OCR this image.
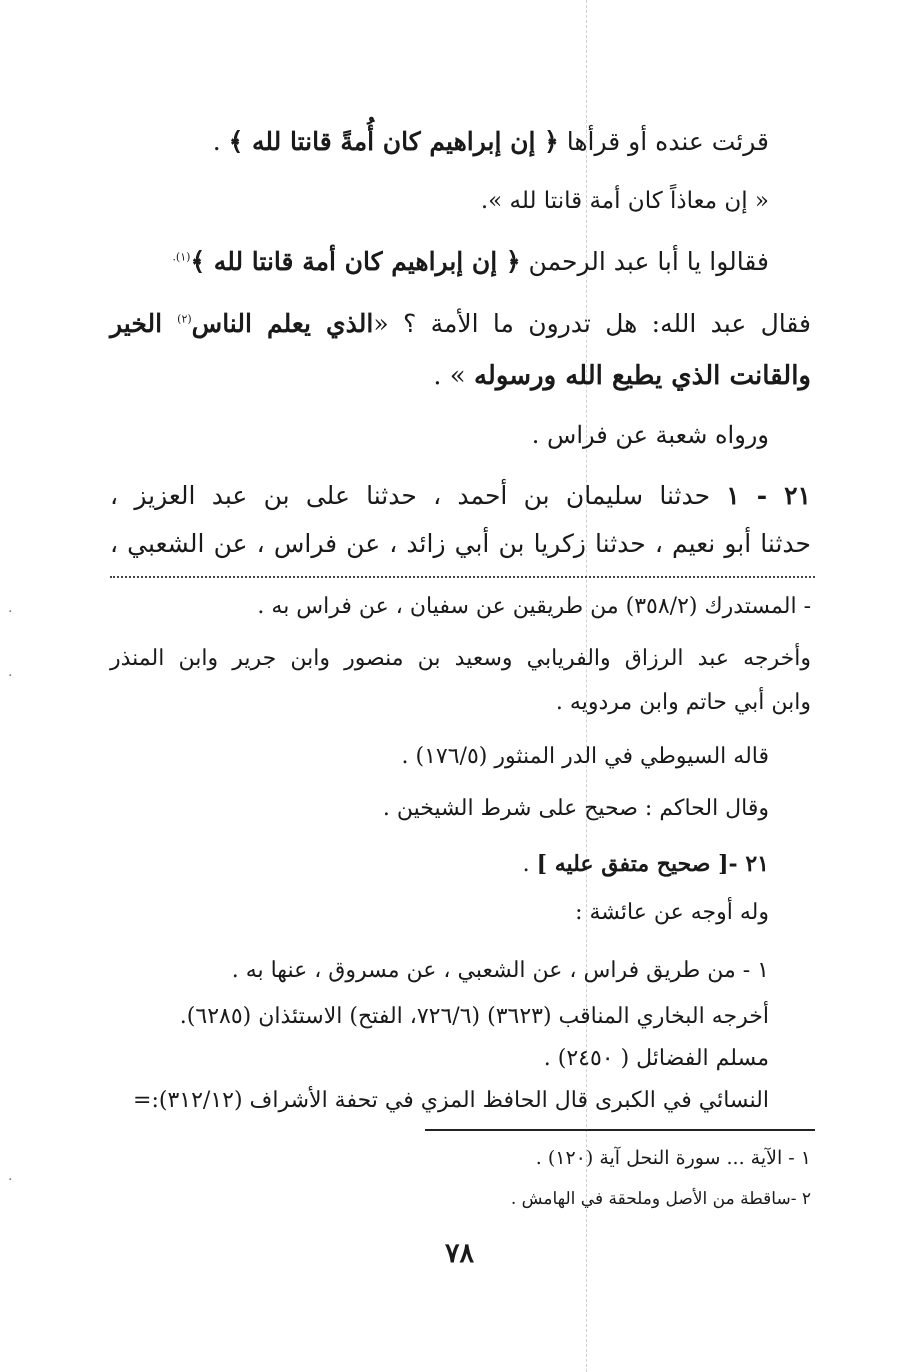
·
·
·
قرئت عنده أو قرأها ﴿ إن إبراهيم كان أُمةً قانتا لله ﴾ .
« إن معاذاً كان أمة قانتا لله ».
فقالوا يا أبا عبد الرحمن ﴿ إن إبراهيم كان أمة قانتا لله ﴾$^{(١).}$
فقال عبد الله: هل تدرون ما الأمة ؟ «الذي يعلم الناس$^{(٢)}$ الخير
والقانت الذي يطيع الله ورسوله » .
ورواه شعبة عن فراس .
٢١ - ١ حدثنا سليمان بن أحمد ، حدثنا على بن عبد العزيز ،
حدثنا أبو نعيم ، حدثنا زكريا بن أبي زائد ، عن فراس ، عن الشعبي ،
- المستدرك (٣٥٨/٢) من طريقين عن سفيان ، عن فراس به .
وأخرجه عبد الرزاق والفريابي وسعيد بن منصور وابن جرير وابن المنذر
وابن أبي حاتم وابن مردويه .
قاله السيوطي في الدر المنثور (١٧٦/٥) .
وقال الحاكم : صحيح على شرط الشيخين .
٢١ -[ صحيح متفق عليه ] .
وله أوجه عن عائشة :
١ - من طريق فراس ، عن الشعبي ، عن مسروق ، عنها به .
أخرجه البخاري المناقب (٣٦٢٣) (٧٢٦/٦، الفتح) الاستئذان (٦٢٨٥).
مسلم الفضائل ( ٢٤٥٠) .
النسائي في الكبرى قال الحافظ المزي في تحفة الأشراف (٣١٢/١٢):=
١ - الآية ... سورة النحل آية (١٢٠) .
٢ -ساقطة من الأصل وملحقة في الهامش .
٧٨
